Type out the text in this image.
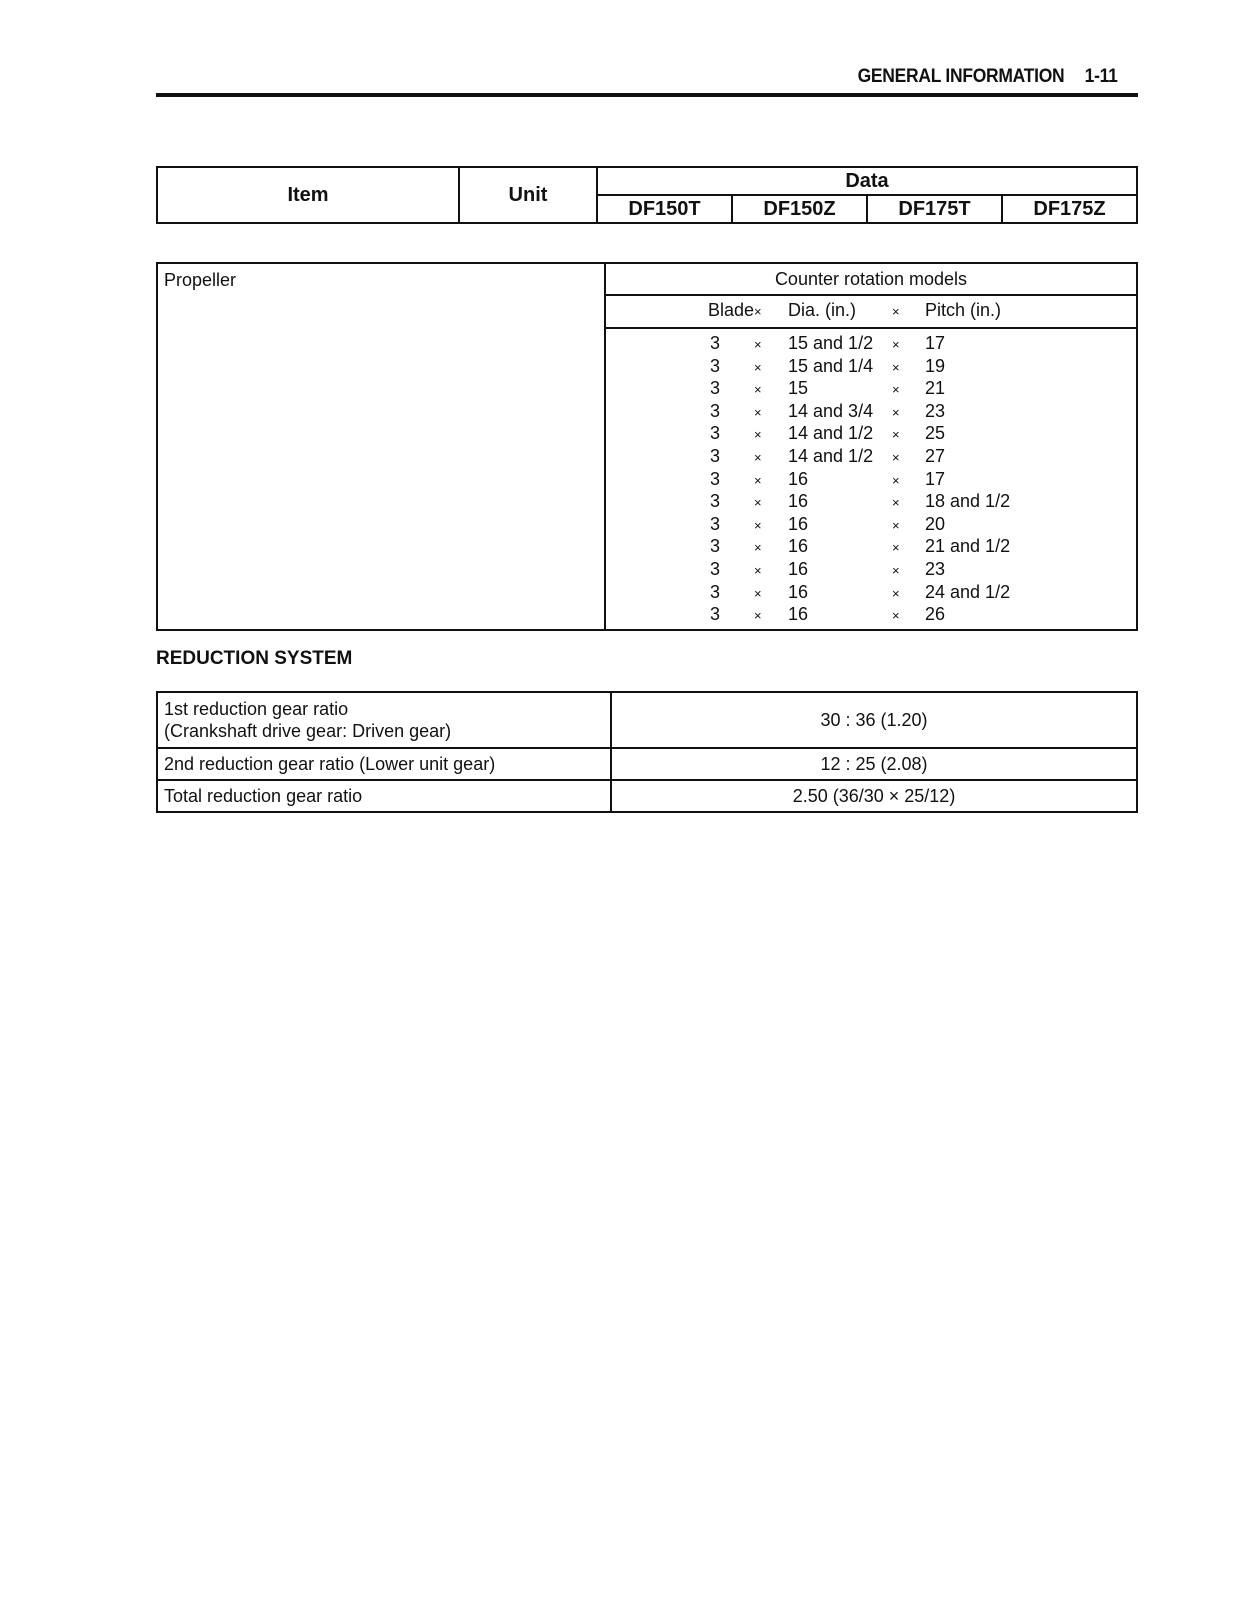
GENERAL INFORMATION 1-11
Item	Unit	Data			
		DF150T	DF150Z	DF175T	DF175Z
Propeller	Counter rotation models

Blade × Dia. (in.)	× Pitch (in.)

3	× 15 and 1/2 × 17
3	× 15 and 1/4 × 19
3	× 15	× 21
3	× 14 and 3/4 × 23
3	× 14 and 1/2 × 25
3	× 14 and 1/2 × 27
3	× 16	× 17
3	× 16	× 18 and 1/2
3	× 16	× 20
3	× 16	× 21 and 1/2
3	× 16	× 23
3	× 16	× 24 and 1/2
3	× 16	× 26
REDUCTION SYSTEM
1st reduction gear ratio
(Crankshaft drive gear: Driven gear)	30 : 36 (1.20)
2nd reduction gear ratio (Lower unit gear)	12 : 25 (2.08)
Total reduction gear ratio	2.50 (36/30 × 25/12)
